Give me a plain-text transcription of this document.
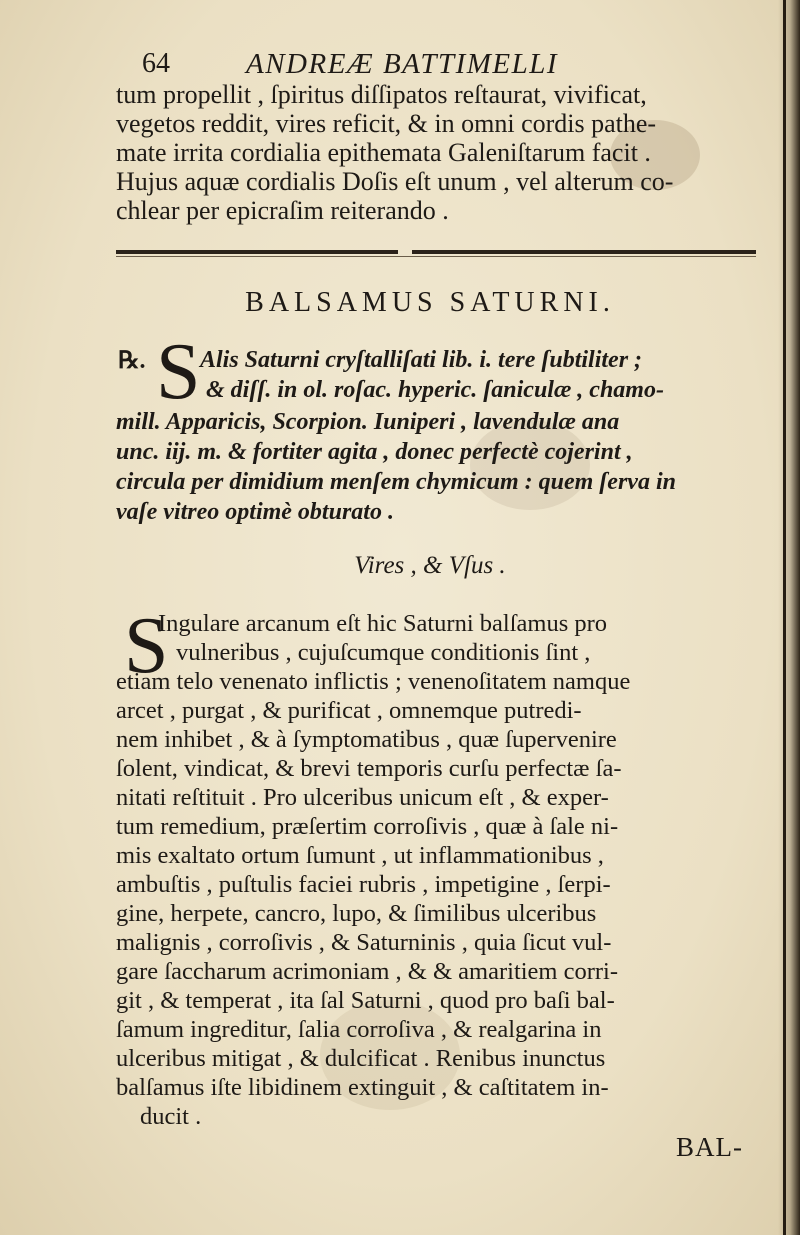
64	ANDREÆ BATTIMELLI
tum propellit , ſpiritus diſſipatos reſtaurat, vivificat,
vegetos reddit, vires reficit, & in omni cordis pathe-
mate irrita cordialia epithemata Galeniſtarum facit .
Hujus aquæ cordialis Doſis eſt unum , vel alterum co-
chlear per epicraſim reiterando .
BALSAMUS SATURNI.
℞. S Alis Saturni cryſtalliſati lib. i. tere ſubtiliter ;
& diſſ. in ol. roſac. hyperic. ſaniculæ , chamo-
mill. Apparicis, Scorpion. Iuniperi , lavendulæ ana
unc. iij. m. & fortiter agita , donec perfectè cojerint ,
circula per dimidium menſem chymicum : quem ſerva in
vaſe vitreo optimè obturato .
Vires , & Vſus .
S
Ingulare arcanum eſt hic Saturni balſamus pro
vulneribus , cujuſcumque conditionis ſint ,
etiam telo venenato inflictis ; venenoſitatem namque
arcet , purgat , & purificat , omnemque putredi-
nem inhibet , & à ſymptomatibus , quæ ſupervenire
ſolent, vindicat, & brevi temporis curſu perfectæ ſa-
nitati reſtituit . Pro ulceribus unicum eſt , & exper-
tum remedium, præſertim corroſivis , quæ à ſale ni-
mis exaltato ortum ſumunt , ut inflammationibus ,
ambuſtis , puſtulis faciei rubris , impetigine , ſerpi-
gine, herpete, cancro, lupo, & ſimilibus ulceribus
malignis , corroſivis , & Saturninis , quia ſicut vul-
gare ſaccharum acrimoniam , & & amaritiem corri-
git , & temperat , ita ſal Saturni , quod pro baſi bal-
ſamum ingreditur, ſalia corroſiva , & realgarina in
ulceribus mitigat , & dulcificat . Renibus inunctus
balſamus iſte libidinem extinguit , & caſtitatem in-
ducit .
BAL-
